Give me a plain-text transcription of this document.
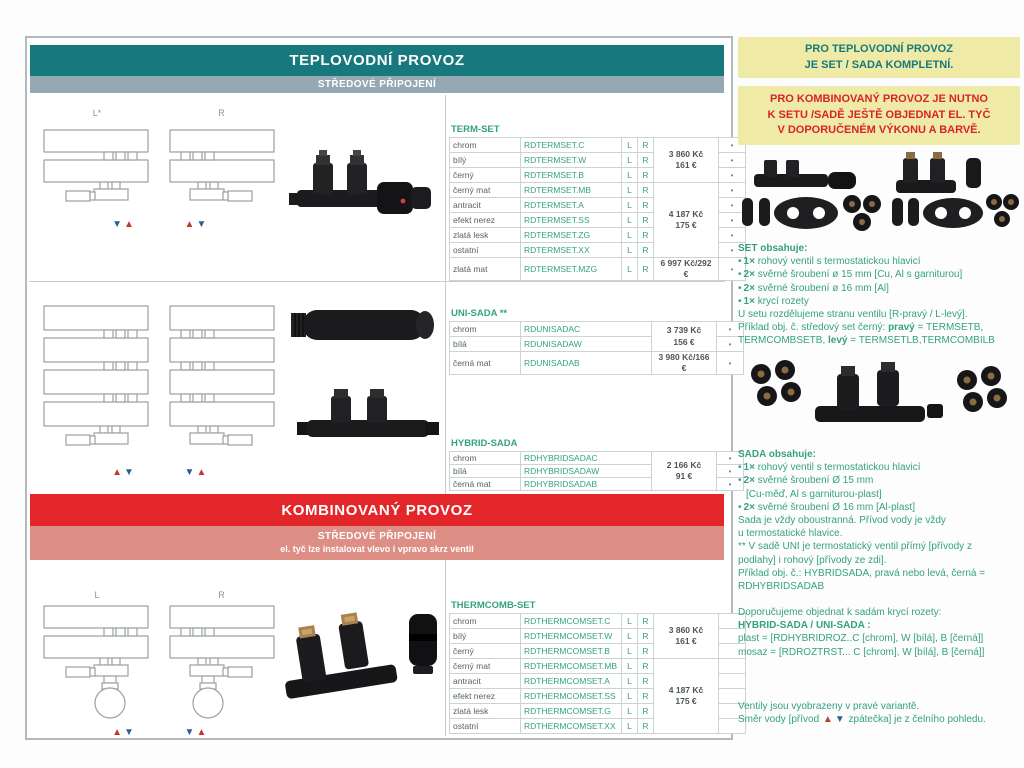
TEPLOVODNÍ PROVOZ
STŘEDOVÉ PŘIPOJENÍ
L*
▼ ▲

R
▲ ▼
TERM-SET
chrom	RDTERMSET.C	L	R	3 860 Kč
161 €	•
bílý	RDTERMSET.W	L	R		•
černý	RDTERMSET.B	L	R		•
černý mat	RDTERMSET.MB	L	R	4 187 Kč
175 €	•
antracit	RDTERMSET.A	L	R		•
efekt nerez	RDTERMSET.SS	L	R		•
zlatá lesk	RDTERMSET.ZG	L	R		•
ostatní	RDTERMSET.XX	L	R		•
zlatá mat	RDTERMSET.MZG	L	R	6 997 Kč/292 €	•
▲ ▼
	▼ ▲
UNI-SADA **
chrom	RDUNISADAC	3 739 Kč
156 €	•
bílá	RDUNISADAW		•
černá mat	RDUNISADAB	3 980 Kč/166 €	•
HYBRID-SADA
chrom	RDHYBRIDSADAC	2 166 Kč
91 €	•
bílá	RDHYBRIDSADAW		•
černá mat	RDHYBRIDSADAB		•
KOMBINOVANÝ PROVOZ
STŘEDOVÉ PŘIPOJENÍ
el. tyč lze instalovat vlevo i vpravo skrz ventil
L
▲ ▼

R
▼ ▲
THERMCOMB-SET
chrom	RDTHERMCOMSET.C	L	R	3 860 Kč
161 €	
bílý	RDTHERMCOMSET.W	L	R		
černý	RDTHERMCOMSET.B	L	R		
černý mat	RDTHERMCOMSET.MB	L	R	4 187 Kč
175 €	
antracit	RDTHERMCOMSET.A	L	R		
efekt nerez	RDTHERMCOMSET.SS	L	R		
zlatá lesk	RDTHERMCOMSET.G	L	R		
ostatní	RDTHERMCOMSET.XX	L	R		
PRO TEPLOVODNÍ PROVOZ
JE SET / SADA KOMPLETNÍ.
PRO KOMBINOVANÝ PROVOZ JE NUTNO
K SETU /SADĚ JEŠTĚ OBJEDNAT EL. TYČ
V DOPORUČENÉM VÝKONU A BARVĚ.
SET obsahuje:
• 1× rohový ventil s termostatickou hlavicí
• 2× svěrné šroubení ø 15 mm [Cu, Al s garniturou]
• 2× svěrné šroubení ø 16 mm [Al]
• 1× krycí rozety
U setu rozdělujeme stranu ventilu [R-pravý / L-levý].
Příklad obj. č. středový set černý: pravý = TERMSETB,
TERMCOMBSETB, levý = TERMSETLB,TERMCOMBILB
SADA obsahuje:
• 1× rohový ventil s termostatickou hlavicí
• 2× svěrné šroubení Ø 15 mm
[Cu-měď, Al s garniturou-plast]
• 2× svěrné šroubení Ø 16 mm [Al-plast]
Sada je vždy oboustranná. Přívod vody je vždy
u termostatické hlavice.
** V sadě UNI je termostatický ventil přímý [přívody z
podlahy] i rohový [přívody ze zdi].
Příklad obj. č.: HYBRIDSADA, pravá nebo levá, černá =
RDHYBRIDSADAB
Doporučujeme objednat k sadám krycí rozety:
HYBRID-SADA / UNI-SADA :
plast = [RDHYBRIDROZ..C [chrom], W [bílá], B [černá]]
mosaz = [RDROZTRST... C [chrom], W [bílá], B [černá]]
Ventily jsou vyobrazeny v pravé variantě.
Směr vody [přívod ▲ ▼ zpátečka] je z čelního pohledu.
